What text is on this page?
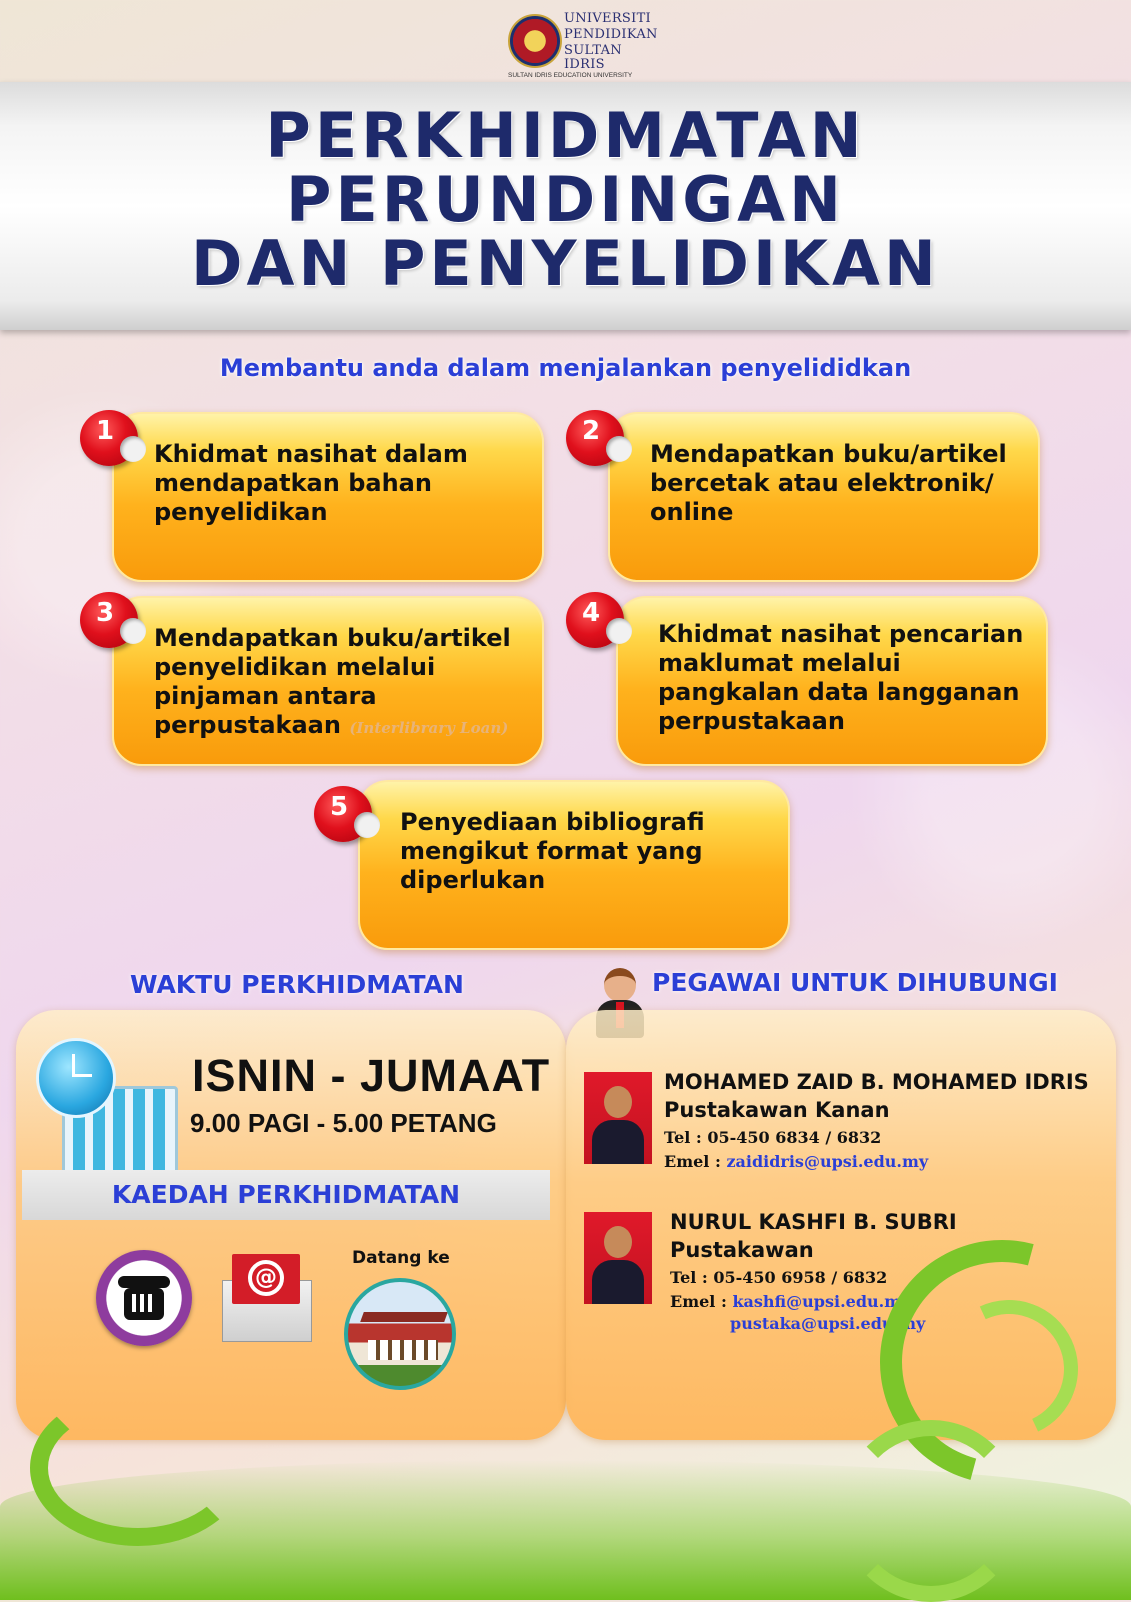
UNIVERSITI
PENDIDIKAN
SULTAN IDRIS
SULTAN IDRIS EDUCATION UNIVERSITY
PERKHIDMATAN
PERUNDINGAN
DAN PENYELIDIKAN
Membantu anda dalam menjalankan penyelididkan
Khidmat nasihat dalam mendapatkan bahan penyelidikan
1
Mendapatkan buku/artikel bercetak atau elektronik/ online
2
Mendapatkan buku/artikel penyelidikan melalui pinjaman antara perpustakaan (Interlibrary Loan)
3
Khidmat nasihat pencarian maklumat melalui pangkalan data langganan perpustakaan
4
Penyediaan bibliografi mengikut format yang diperlukan
5
WAKTU PERKHIDMATAN	PEGAWAI UNTUK DIHUBUNGI
ISNIN - JUMAAT
9.00 PAGI - 5.00 PETANG
KAEDAH PERKHIDMATAN
@
Datang ke
MOHAMED ZAID B. MOHAMED IDRIS
Pustakawan Kanan
Tel : 05-450 6834 / 6832
Emel : zaididris@upsi.edu.my
NURUL KASHFI B. SUBRI
Pustakawan
Tel : 05-450 6958 / 6832
Emel : kashfi@upsi.edu.my/
pustaka@upsi.edu.my
